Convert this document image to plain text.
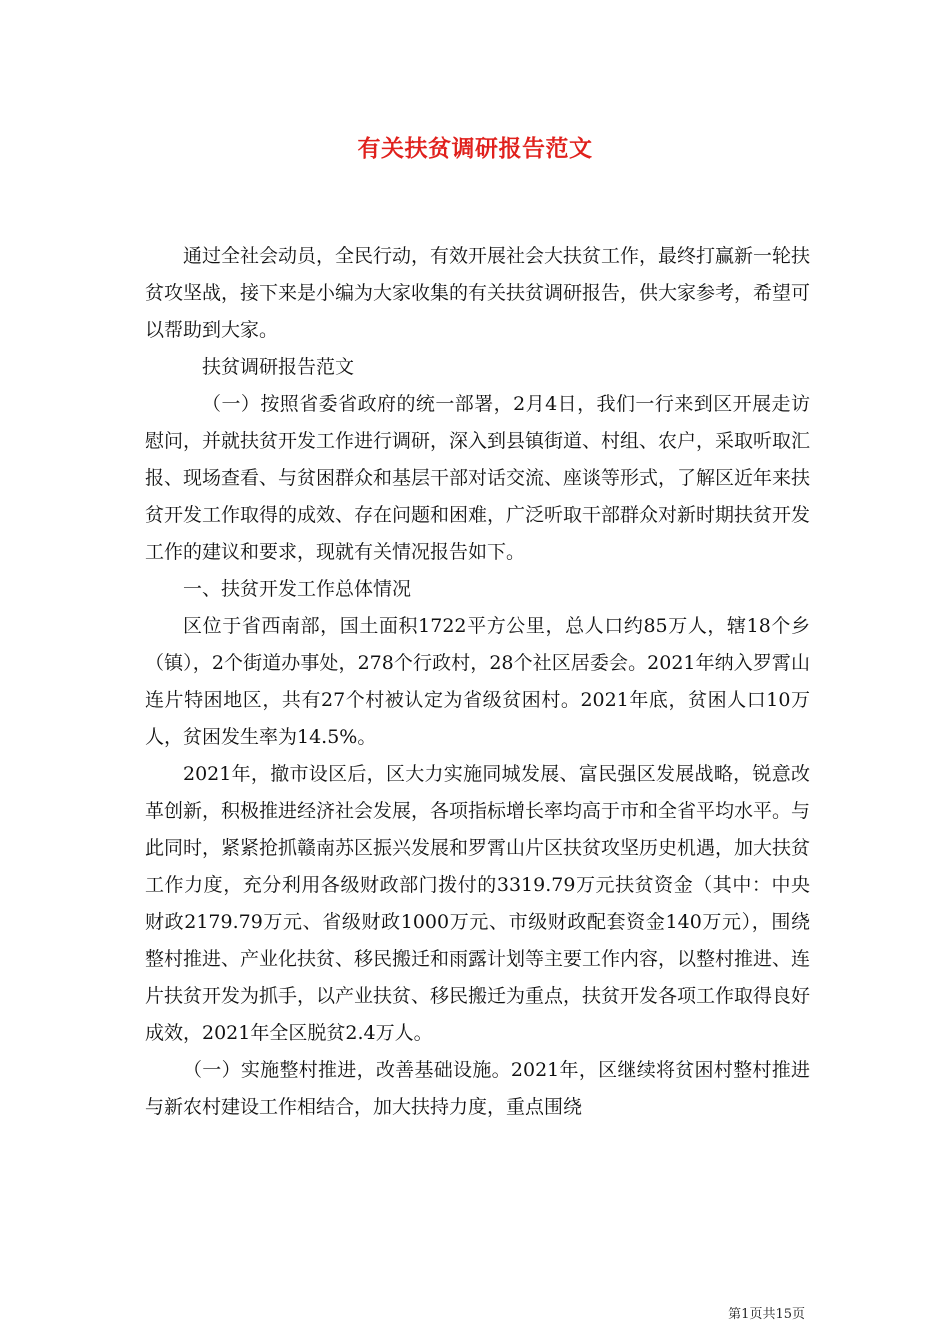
有关扶贫调研报告范文

通过全社会动员，全民行动，有效开展社会大扶贫工作，最终打赢新一轮扶贫攻坚战，接下来是小编为大家收集的有关扶贫调研报告，供大家参考，希望可以帮助到大家。

扶贫调研报告范文

（一）按照省委省政府的统一部署，2月4日，我们一行来到区开展走访慰问，并就扶贫开发工作进行调研，深入到县镇街道、村组、农户，采取听取汇报、现场查看、与贫困群众和基层干部对话交流、座谈等形式，了解区近年来扶贫开发工作取得的成效、存在问题和困难，广泛听取干部群众对新时期扶贫开发工作的建议和要求，现就有关情况报告如下。

一、扶贫开发工作总体情况

区位于省西南部，国土面积1722平方公里，总人口约85万人，辖18个乡（镇），2个街道办事处，278个行政村，28个社区居委会。2021年纳入罗霄山连片特困地区，共有27个村被认定为省级贫困村。2021年底，贫困人口10万人，贫困发生率为14.5%。

2021年，撤市设区后，区大力实施同城发展、富民强区发展战略，锐意改革创新，积极推进经济社会发展，各项指标增长率均高于市和全省平均水平。与此同时，紧紧抢抓赣南苏区振兴发展和罗霄山片区扶贫攻坚历史机遇，加大扶贫工作力度，充分利用各级财政部门拨付的3319.79万元扶贫资金（其中：中央财政2179.79万元、省级财政1000万元、市级财政配套资金140万元），围绕整村推进、产业化扶贫、移民搬迁和雨露计划等主要工作内容，以整村推进、连片扶贫开发为抓手，以产业扶贫、移民搬迁为重点，扶贫开发各项工作取得良好成效，2021年全区脱贫2.4万人。

（一）实施整村推进，改善基础设施。2021年，区继续将贫困村整村推进与新农村建设工作相结合，加大扶持力度，重点围绕

第1页共15页
